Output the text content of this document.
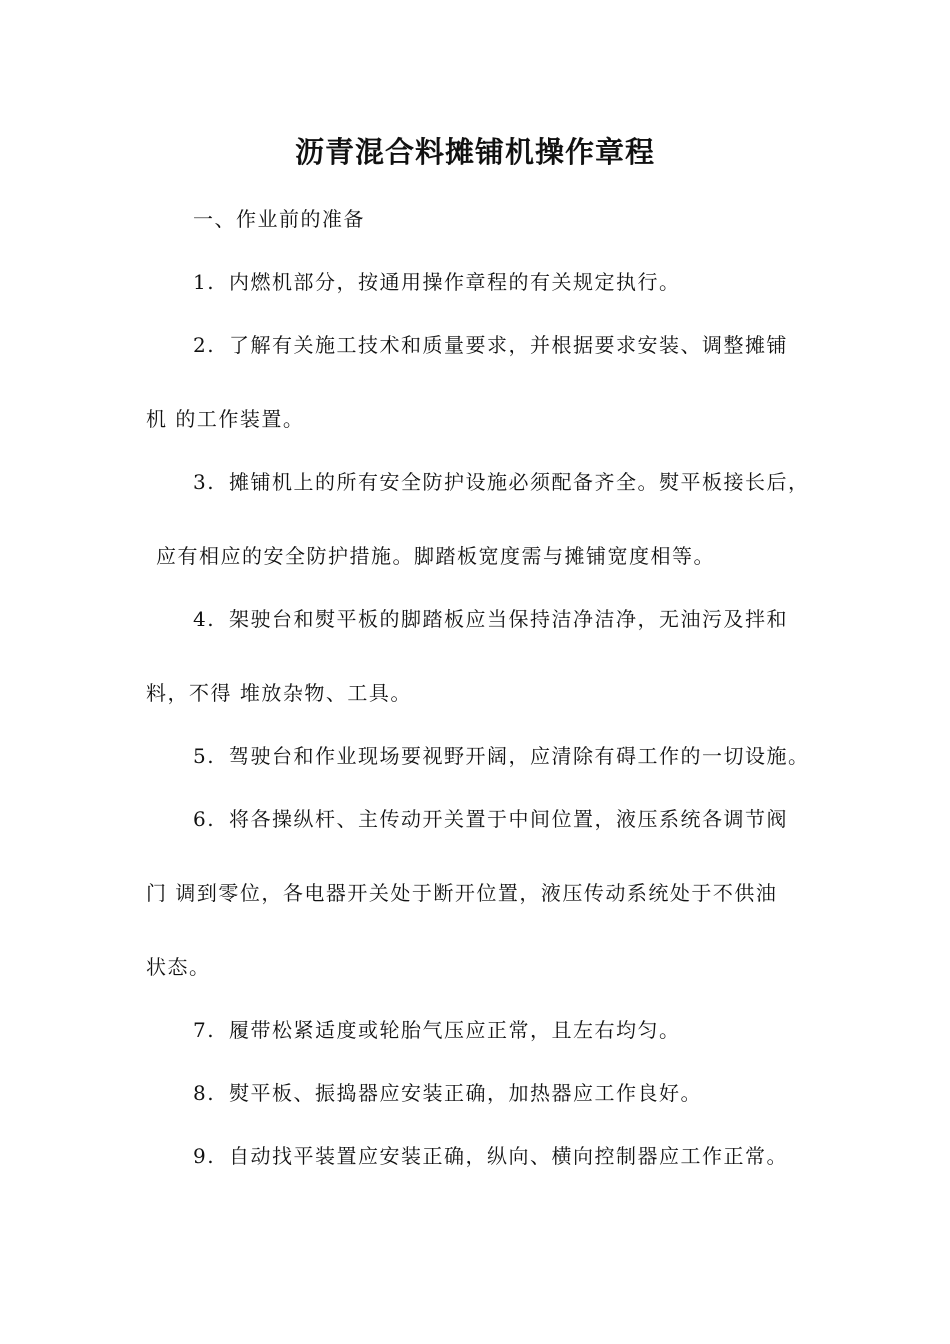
沥青混合料摊铺机操作章程

一、作业前的准备

1. 内燃机部分，按通用操作章程的有关规定执行。

2. 了解有关施工技术和质量要求，并根据要求安装、调整摊铺

机 的工作装置。

3. 摊铺机上的所有安全防护设施必须配备齐全。熨平板接长后，

应有相应的安全防护措施。脚踏板宽度需与摊铺宽度相等。

4. 架驶台和熨平板的脚踏板应当保持洁净洁净，无油污及拌和

料，不得 堆放杂物、工具。

5. 驾驶台和作业现场要视野开阔，应清除有碍工作的一切设施。

6. 将各操纵杆、主传动开关置于中间位置，液压系统各调节阀

门 调到零位，各电器开关处于断开位置，液压传动系统处于不供油

状态。

7. 履带松紧适度或轮胎气压应正常，且左右均匀。

8. 熨平板、振捣器应安装正确，加热器应工作良好。

9. 自动找平装置应安装正确，纵向、横向控制器应工作正常。
